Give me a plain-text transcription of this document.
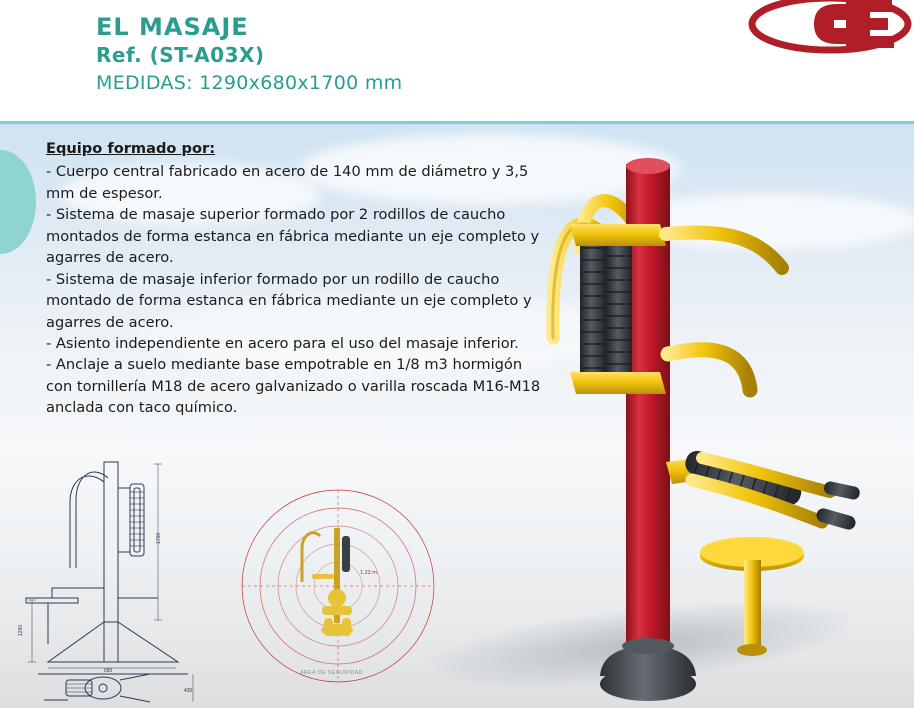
EL MASAJE
Ref. (ST-A03X)
MEDIDAS: 1290x680x1700 mm
Equipo formado por:

- Cuerpo central fabricado en acero de 140 mm de diámetro y 3,5 mm de espesor.

- Sistema de masaje superior formado por 2 rodillos de caucho montados de forma estanca en fábrica mediante un eje completo y agarres de acero.

- Sistema de masaje inferior formado por un rodillo de caucho montado de forma estanca en fábrica mediante un eje completo y agarres de acero.

- Asiento independiente en acero para el uso del masaje inferior.

- Anclaje a suelo mediante base empotrable en 1/8 m3 hormigón con tornillería M18 de acero galvanizado o varilla roscada M16-M18 anclada con taco químico.

1700
1290
680
430
1,23 m
AREA DE SEGURIDAD
